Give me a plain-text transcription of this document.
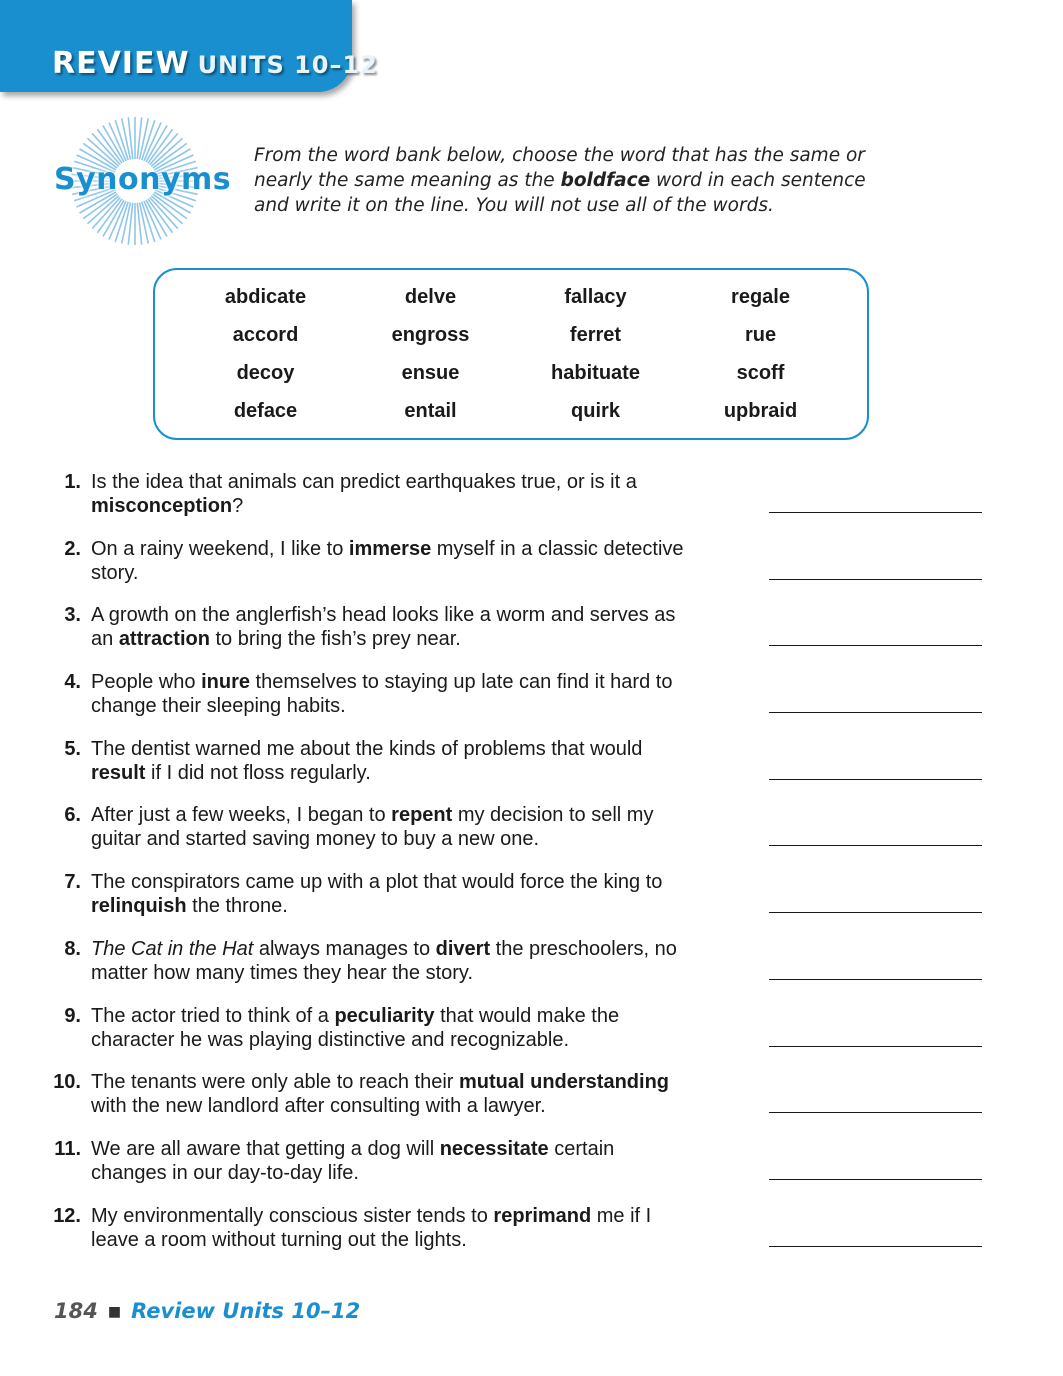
REVIEW UNITS 10–12
Synonyms
From the word bank below, choose the word that has the same or nearly the same meaning as the boldface word in each sentence and write it on the line. You will not use all of the words.
abdicate	delve	fallacy	regale
accord	engross	ferret	rue
decoy	ensue	habituate	scoff
deface	entail	quirk	upbraid
1. Is the idea that animals can predict earthquakes true, or is it a misconception?
2. On a rainy weekend, I like to immerse myself in a classic detective story.
3. A growth on the anglerfish’s head looks like a worm and serves as an attraction to bring the fish’s prey near.
4. People who inure themselves to staying up late can find it hard to change their sleeping habits.
5. The dentist warned me about the kinds of problems that would result if I did not floss regularly.
6. After just a few weeks, I began to repent my decision to sell my guitar and started saving money to buy a new one.
7. The conspirators came up with a plot that would force the king to relinquish the throne.
8. The Cat in the Hat always manages to divert the preschoolers, no matter how many times they hear the story.
9. The actor tried to think of a peculiarity that would make the character he was playing distinctive and recognizable.
10. The tenants were only able to reach their mutual understanding with the new landlord after consulting with a lawyer.
11. We are all aware that getting a dog will necessitate certain changes in our day-to-day life.
12. My environmentally conscious sister tends to reprimand me if I leave a room without turning out the lights.
184 ■ Review Units 10–12
